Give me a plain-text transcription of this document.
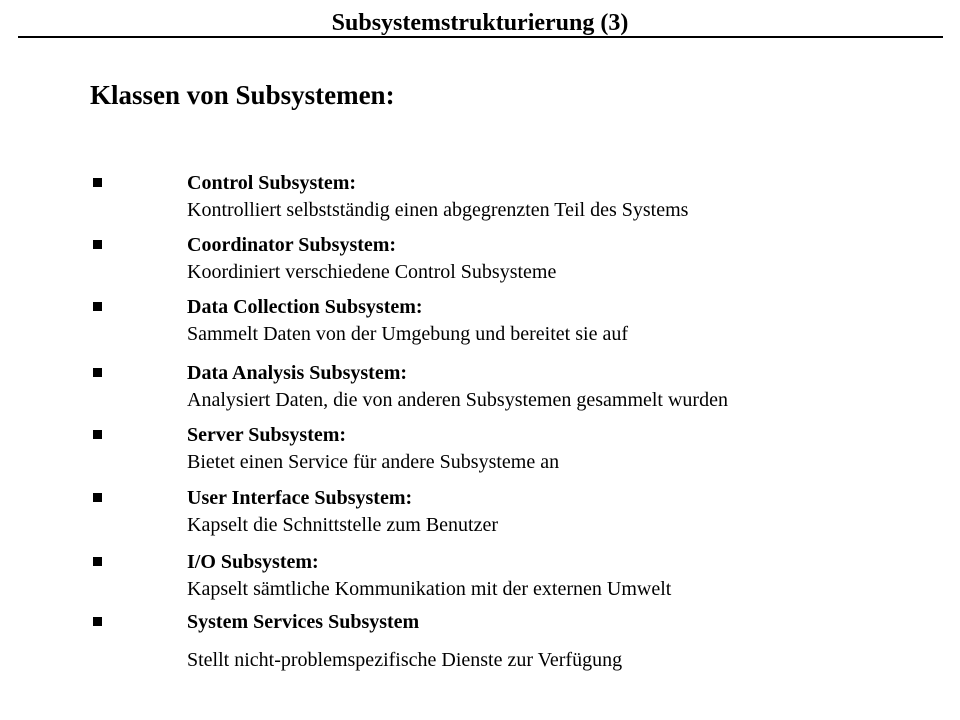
Subsystemstrukturierung (3)
Klassen von Subsystemen:
Control Subsystem:
Kontrolliert selbstständig einen abgegrenzten Teil des Systems
Coordinator Subsystem:
Koordiniert verschiedene Control Subsysteme
Data Collection Subsystem:
Sammelt Daten von der Umgebung und bereitet sie auf
Data Analysis Subsystem:
Analysiert Daten, die von anderen Subsystemen gesammelt wurden
Server Subsystem:
Bietet einen Service für andere Subsysteme an
User Interface Subsystem:
Kapselt die Schnittstelle zum Benutzer
I/O Subsystem:
Kapselt sämtliche Kommunikation mit der externen Umwelt
System Services Subsystem
Stellt nicht-problemspezifische Dienste zur Verfügung
